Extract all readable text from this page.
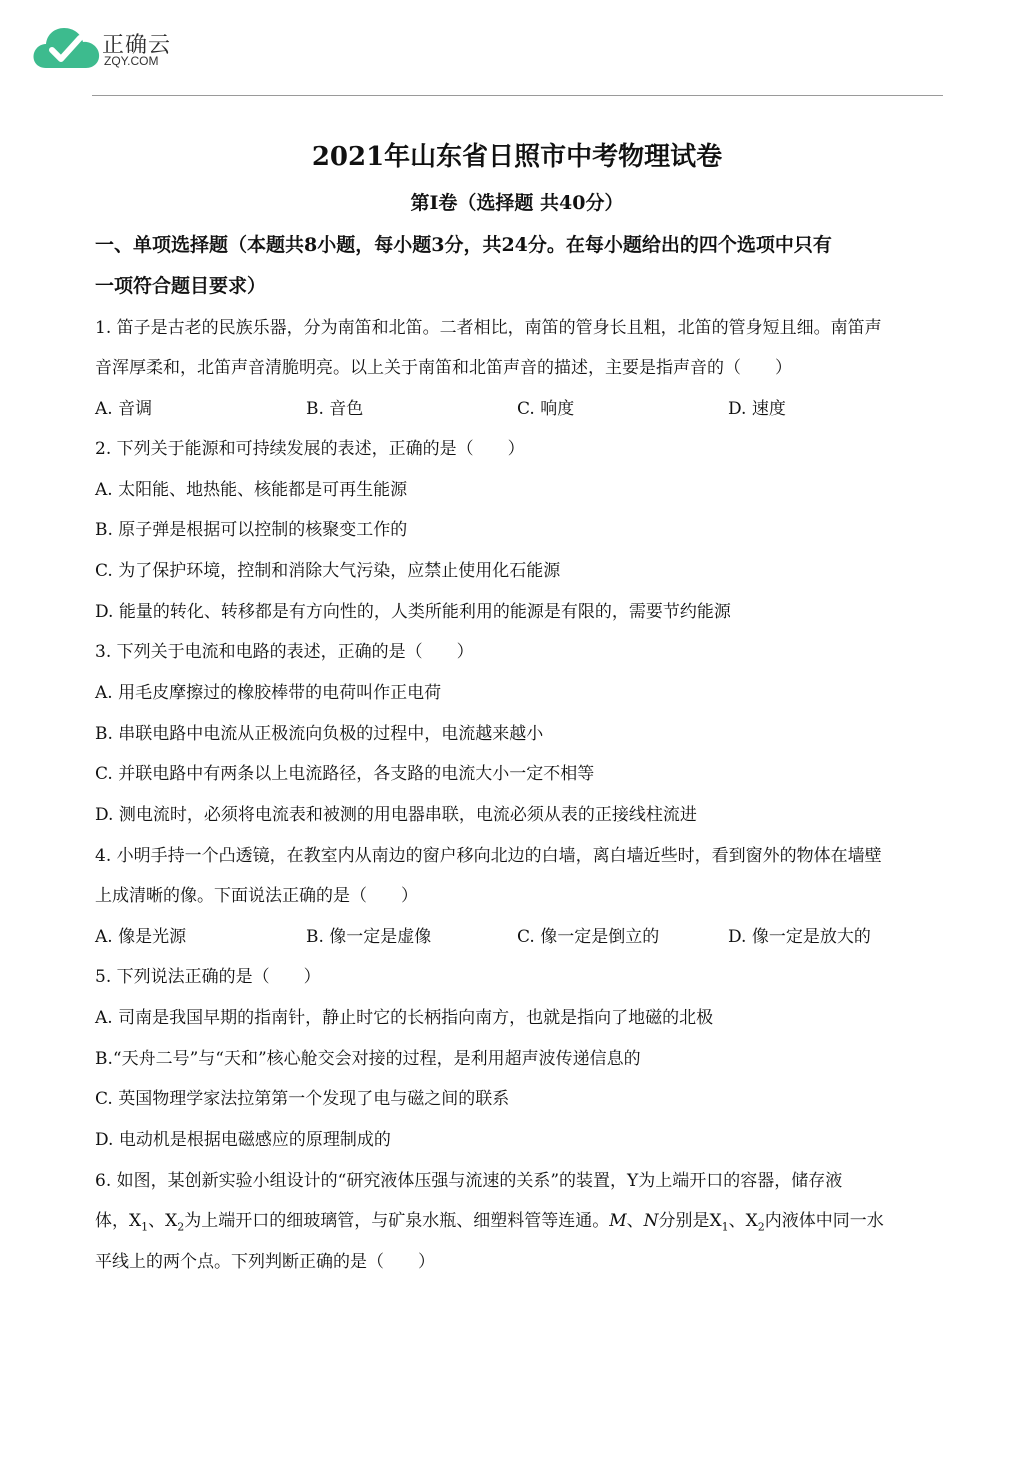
正确云
ZQY.COM
2021年山东省日照市中考物理试卷
第Ⅰ卷（选择题 共40分）
一、单项选择题（本题共8小题，每小题3分，共24分。在每小题给出的四个选项中只有
一项符合题目要求）
1. 笛子是古老的民族乐器，分为南笛和北笛。二者相比，南笛的管身长且粗，北笛的管身短且细。南笛声
音浑厚柔和，北笛声音清脆明亮。以上关于南笛和北笛声音的描述，主要是指声音的（　　）
A. 音调	B. 音色	C. 响度	D. 速度
2. 下列关于能源和可持续发展的表述，正确的是（　　）
A. 太阳能、地热能、核能都是可再生能源
B. 原子弹是根据可以控制的核聚变工作的
C. 为了保护环境，控制和消除大气污染，应禁止使用化石能源
D. 能量的转化、转移都是有方向性的，人类所能利用的能源是有限的，需要节约能源
3. 下列关于电流和电路的表述，正确的是（　　）
A. 用毛皮摩擦过的橡胶棒带的电荷叫作正电荷
B. 串联电路中电流从正极流向负极的过程中，电流越来越小
C. 并联电路中有两条以上电流路径，各支路的电流大小一定不相等
D. 测电流时，必须将电流表和被测的用电器串联，电流必须从表的正接线柱流进
4. 小明手持一个凸透镜，在教室内从南边的窗户移向北边的白墙，离白墙近些时，看到窗外的物体在墙壁
上成清晰的像。下面说法正确的是（　　）
A. 像是光源	B. 像一定是虚像	C. 像一定是倒立的	D. 像一定是放大的
5. 下列说法正确的是（　　）
A. 司南是我国早期的指南针，静止时它的长柄指向南方，也就是指向了地磁的北极
B.“天舟二号”与“天和”核心舱交会对接的过程，是利用超声波传递信息的
C. 英国物理学家法拉第第一个发现了电与磁之间的联系
D. 电动机是根据电磁感应的原理制成的
6. 如图，某创新实验小组设计的“研究液体压强与流速的关系”的装置，Y为上端开口的容器，储存液
体，$X_1$、$X_2$为上端开口的细玻璃管，与矿泉水瓶、细塑料管等连通。M、N分别是$X_1$、$X_2$内液体中同一水
平线上的两个点。下列判断正确的是（　　）
